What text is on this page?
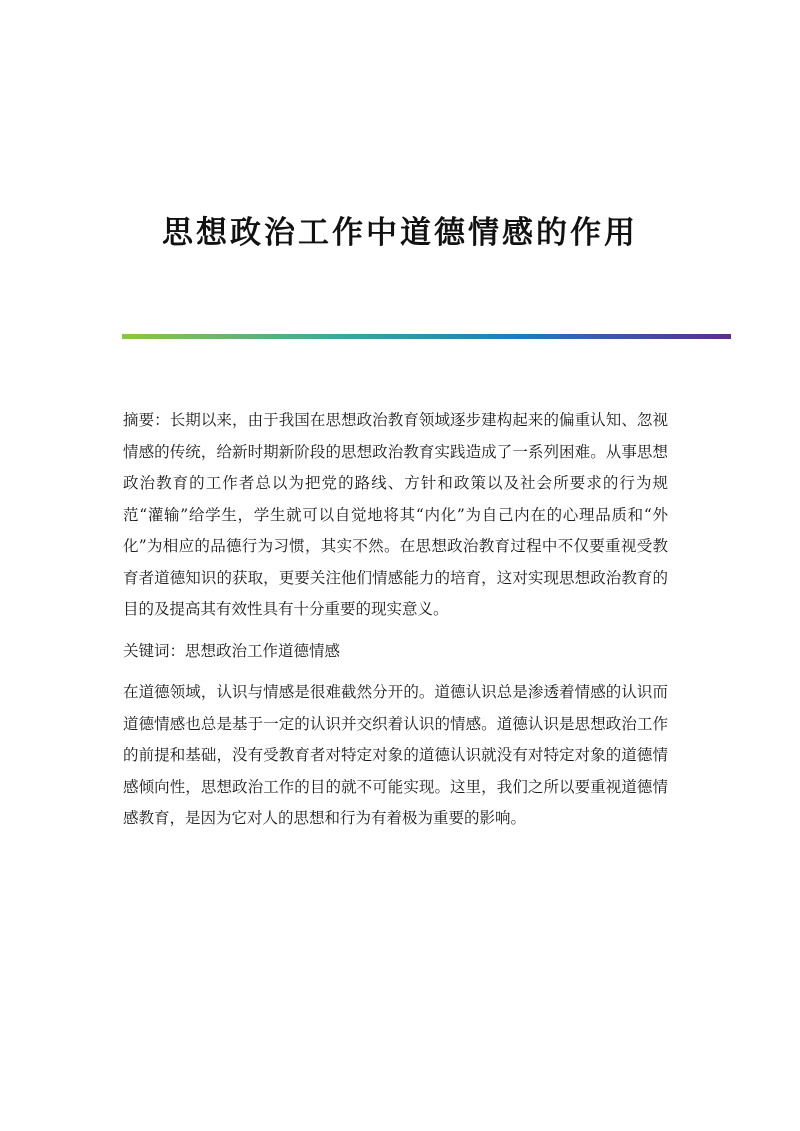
思想政治工作中道德情感的作用

摘要：长期以来，由于我国在思想政治教育领域逐步建构起来的偏重认知、忽视情感的传统，给新时期新阶段的思想政治教育实践造成了一系列困难。从事思想政治教育的工作者总以为把党的路线、方针和政策以及社会所要求的行为规范“灌输”给学生，学生就可以自觉地将其“内化”为自己内在的心理品质和“外化”为相应的品德行为习惯，其实不然。在思想政治教育过程中不仅要重视受教育者道德知识的获取，更要关注他们情感能力的培育，这对实现思想政治教育的目的及提高其有效性具有十分重要的现实意义。

关键词：思想政治工作道德情感

在道德领域，认识与情感是很难截然分开的。道德认识总是渗透着情感的认识而道德情感也总是基于一定的认识并交织着认识的情感。道德认识是思想政治工作的前提和基础，没有受教育者对特定对象的道德认识就没有对特定对象的道德情感倾向性，思想政治工作的目的就不可能实现。这里，我们之所以要重视道德情感教育，是因为它对人的思想和行为有着极为重要的影响。
